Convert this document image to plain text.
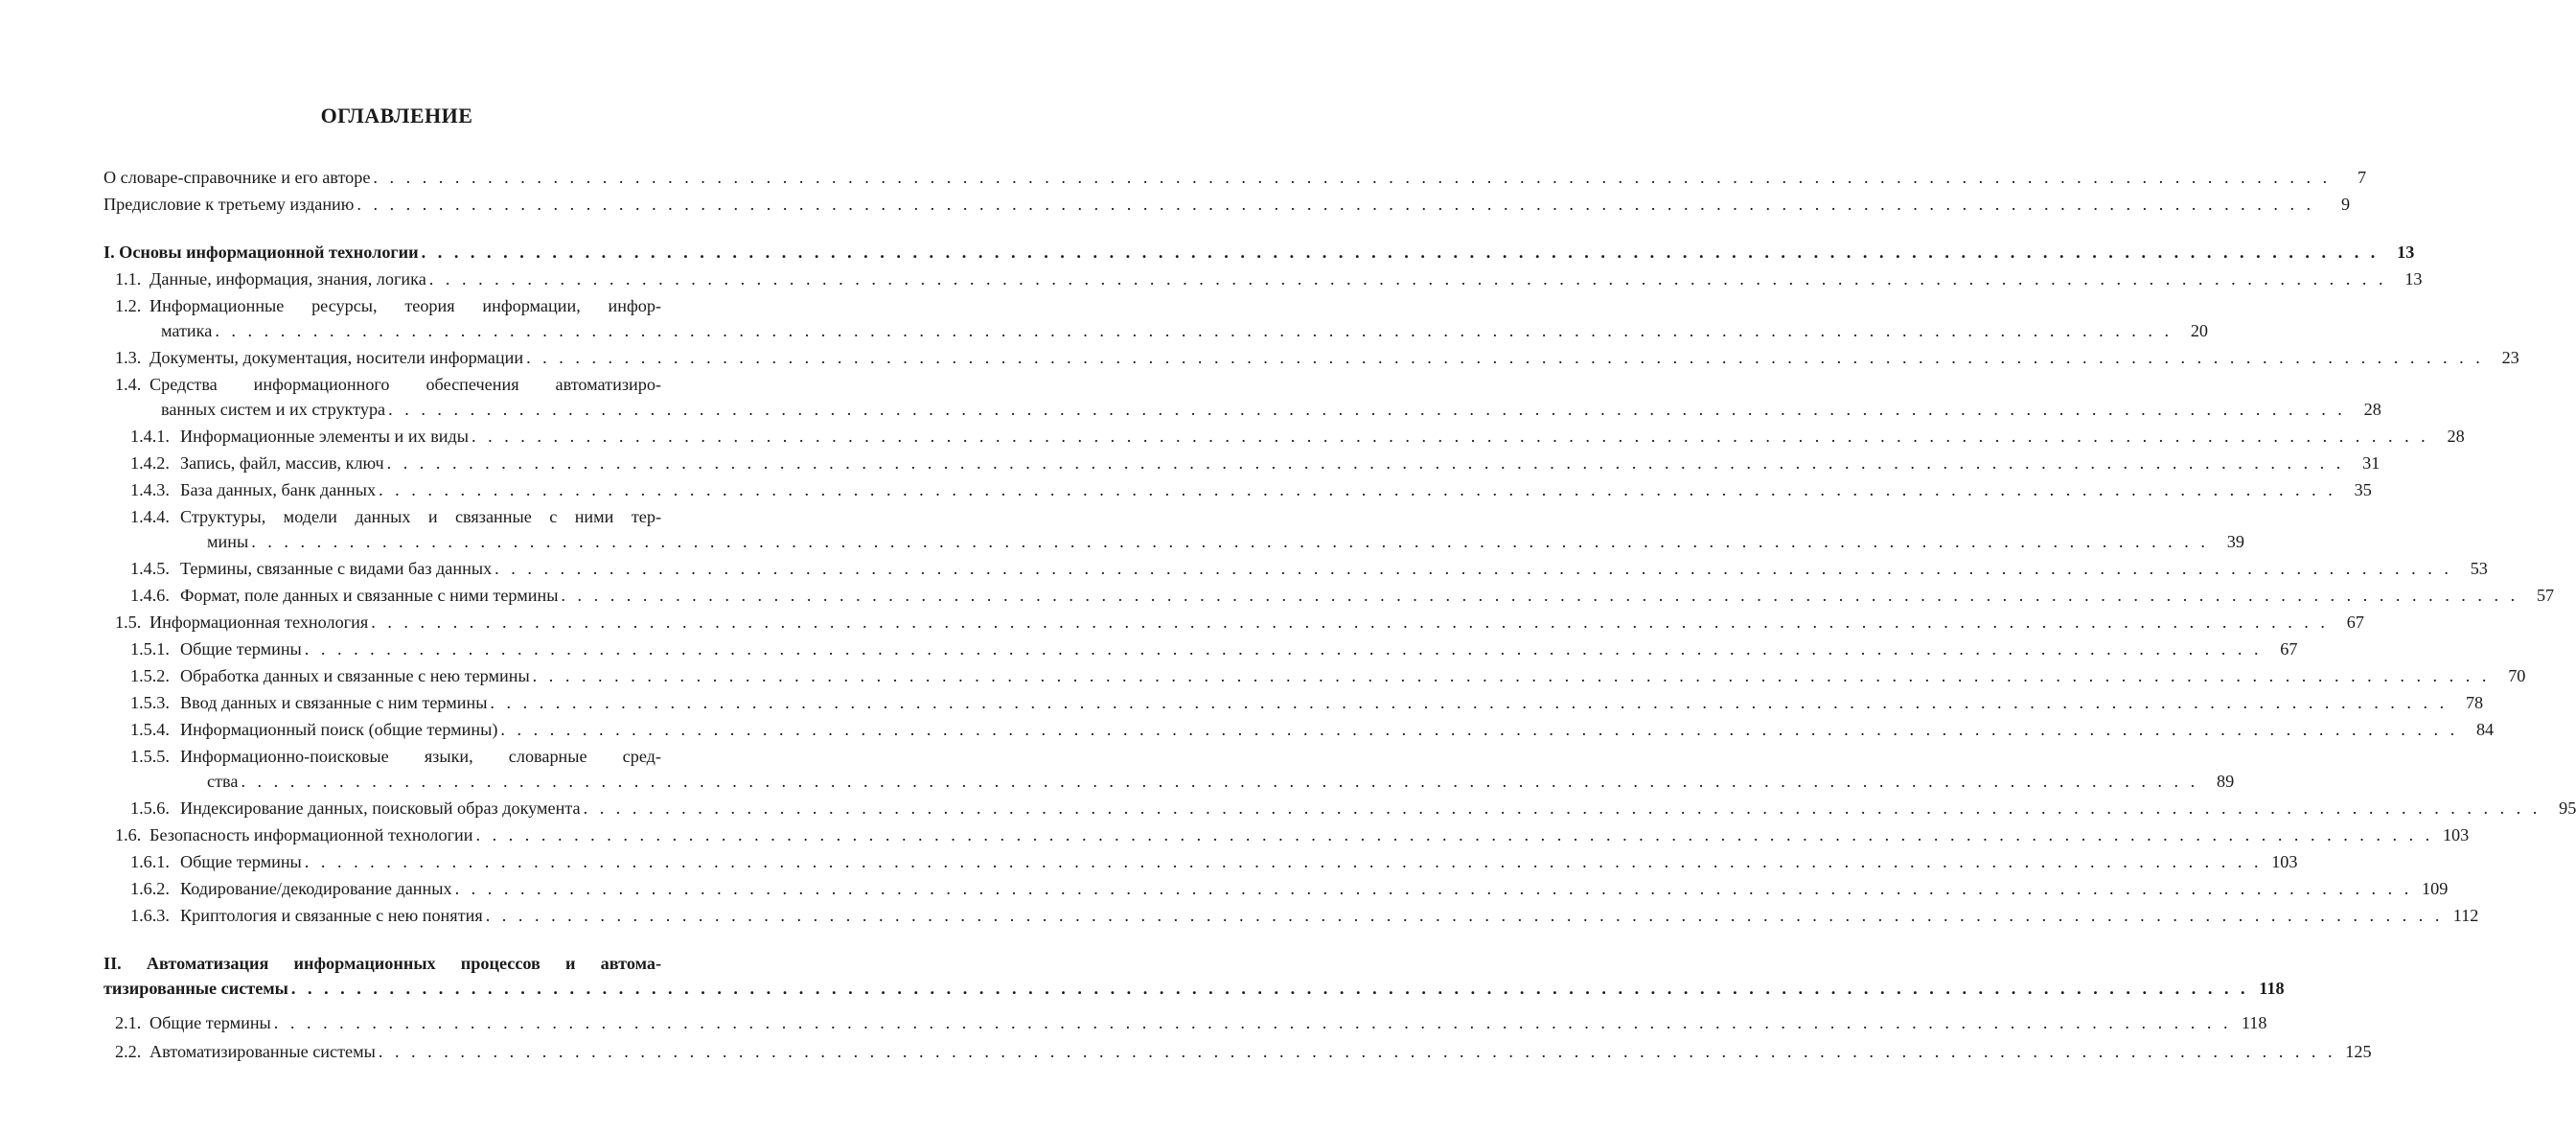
ОГЛАВЛЕНИЕ
О словаре-справочнике и его авторе . . . . . . . . . . . . . . . . . . . . . . . . . . . . . . . . . . . . . . . . . . . . . . . . . . . . . . . . . . . . . . . . . . . . . . . . . . . . . . . . . . . . . . . . . . . . . . . . . . . . . . . . . . . . . . . . . . . . . . . .	7
Предисловие к третьему изданию . . . . . . . . . . . . . . . . . . . . . . . . . . . . . . . . . . . . . . . . . . . . . . . . . . . . . . . . . . . . . . . . . . . . . . . . . . . . . . . . . . . . . . . . . . . . . . . . . . . . . . . . . . . . . . . . . . . . . . . .	9
I. Основы информационной технологии . . . . . . . . . . . . . . . . . . . . . . . . . . . . . . . . . . . . . . . . . . . . . . . . . . . . . . . . . . . . . . . . . . . . . . . . . . . . . . . . . . . . . . . . . . . . . . . . . . . . . . . . . . . . . . . . . . . . . . . .	13
1.1. Данные, информация, знания, логика . . . . . . . . . . . . . . . . . . . . . . . . . . . . . . . . . . . . . . . . . . . . . . . . . . . . . . . . . . . . . . . . . . . . . . . . . . . . . . . . . . . . . . . . . . . . . . . . . . . . . . . . . . . . . . . . . . . . . . . .	13
1.2. Информационные ресурсы, теория информации, инфор-
матика . . . . . . . . . . . . . . . . . . . . . . . . . . . . . . . . . . . . . . . . . . . . . . . . . . . . . . . . . . . . . . . . . . . . . . . . . . . . . . . . . . . . . . . . . . . . . . . . . . . . . . . . . . . . . . . . . . . . . . . .	20
1.3. Документы, документация, носители информации . . . . . . . . . . . . . . . . . . . . . . . . . . . . . . . . . . . . . . . . . . . . . . . . . . . . . . . . . . . . . . . . . . . . . . . . . . . . . . . . . . . . . . . . . . . . . . . . . . . . . . . . . . . . . . . . . . . . . . . .	23
1.4. Средства информационного обеспечения автоматизиро-
ванных систем и их структура . . . . . . . . . . . . . . . . . . . . . . . . . . . . . . . . . . . . . . . . . . . . . . . . . . . . . . . . . . . . . . . . . . . . . . . . . . . . . . . . . . . . . . . . . . . . . . . . . . . . . . . . . . . . . . . . . . . . . . . .	28
1.4.1. Информационные элементы и их виды . . . . . . . . . . . . . . . . . . . . . . . . . . . . . . . . . . . . . . . . . . . . . . . . . . . . . . . . . . . . . . . . . . . . . . . . . . . . . . . . . . . . . . . . . . . . . . . . . . . . . . . . . . . . . . . . . . . . . . . .	28
1.4.2. Запись, файл, массив, ключ . . . . . . . . . . . . . . . . . . . . . . . . . . . . . . . . . . . . . . . . . . . . . . . . . . . . . . . . . . . . . . . . . . . . . . . . . . . . . . . . . . . . . . . . . . . . . . . . . . . . . . . . . . . . . . . . . . . . . . . .	31
1.4.3. База данных, банк данных . . . . . . . . . . . . . . . . . . . . . . . . . . . . . . . . . . . . . . . . . . . . . . . . . . . . . . . . . . . . . . . . . . . . . . . . . . . . . . . . . . . . . . . . . . . . . . . . . . . . . . . . . . . . . . . . . . . . . . . .	35
1.4.4. Структуры, модели данных и связанные с ними тер-
мины . . . . . . . . . . . . . . . . . . . . . . . . . . . . . . . . . . . . . . . . . . . . . . . . . . . . . . . . . . . . . . . . . . . . . . . . . . . . . . . . . . . . . . . . . . . . . . . . . . . . . . . . . . . . . . . . . . . . . . . .	39
1.4.5. Термины, связанные с видами баз данных . . . . . . . . . . . . . . . . . . . . . . . . . . . . . . . . . . . . . . . . . . . . . . . . . . . . . . . . . . . . . . . . . . . . . . . . . . . . . . . . . . . . . . . . . . . . . . . . . . . . . . . . . . . . . . . . . . . . . . . .	53
1.4.6. Формат, поле данных и связанные с ними термины . . . . . . . . . . . . . . . . . . . . . . . . . . . . . . . . . . . . . . . . . . . . . . . . . . . . . . . . . . . . . . . . . . . . . . . . . . . . . . . . . . . . . . . . . . . . . . . . . . . . . . . . . . . . . . . . . . . . . . . .	57
1.5. Информационная технология . . . . . . . . . . . . . . . . . . . . . . . . . . . . . . . . . . . . . . . . . . . . . . . . . . . . . . . . . . . . . . . . . . . . . . . . . . . . . . . . . . . . . . . . . . . . . . . . . . . . . . . . . . . . . . . . . . . . . . . .	67
1.5.1. Общие термины . . . . . . . . . . . . . . . . . . . . . . . . . . . . . . . . . . . . . . . . . . . . . . . . . . . . . . . . . . . . . . . . . . . . . . . . . . . . . . . . . . . . . . . . . . . . . . . . . . . . . . . . . . . . . . . . . . . . . . . .	67
1.5.2. Обработка данных и связанные с нею термины . . . . . . . . . . . . . . . . . . . . . . . . . . . . . . . . . . . . . . . . . . . . . . . . . . . . . . . . . . . . . . . . . . . . . . . . . . . . . . . . . . . . . . . . . . . . . . . . . . . . . . . . . . . . . . . . . . . . . . . .	70
1.5.3. Ввод данных и связанные с ним термины . . . . . . . . . . . . . . . . . . . . . . . . . . . . . . . . . . . . . . . . . . . . . . . . . . . . . . . . . . . . . . . . . . . . . . . . . . . . . . . . . . . . . . . . . . . . . . . . . . . . . . . . . . . . . . . . . . . . . . . .	78
1.5.4. Информационный поиск (общие термины) . . . . . . . . . . . . . . . . . . . . . . . . . . . . . . . . . . . . . . . . . . . . . . . . . . . . . . . . . . . . . . . . . . . . . . . . . . . . . . . . . . . . . . . . . . . . . . . . . . . . . . . . . . . . . . . . . . . . . . . .	84
1.5.5. Информационно-поисковые языки, словарные сред-
ства . . . . . . . . . . . . . . . . . . . . . . . . . . . . . . . . . . . . . . . . . . . . . . . . . . . . . . . . . . . . . . . . . . . . . . . . . . . . . . . . . . . . . . . . . . . . . . . . . . . . . . . . . . . . . . . . . . . . . . . .	89
1.5.6. Индексирование данных, поисковый образ документа . . . . . . . . . . . . . . . . . . . . . . . . . . . . . . . . . . . . . . . . . . . . . . . . . . . . . . . . . . . . . . . . . . . . . . . . . . . . . . . . . . . . . . . . . . . . . . . . . . . . . . . . . . . . . . . . . . . . . . . .	95
1.6. Безопасность информационной технологии . . . . . . . . . . . . . . . . . . . . . . . . . . . . . . . . . . . . . . . . . . . . . . . . . . . . . . . . . . . . . . . . . . . . . . . . . . . . . . . . . . . . . . . . . . . . . . . . . . . . . . . . . . . . . . . . . . . . . . . . 103
1.6.1. Общие термины . . . . . . . . . . . . . . . . . . . . . . . . . . . . . . . . . . . . . . . . . . . . . . . . . . . . . . . . . . . . . . . . . . . . . . . . . . . . . . . . . . . . . . . . . . . . . . . . . . . . . . . . . . . . . . . . . . . . . . . . 103
1.6.2. Кодирование/декодирование данных . . . . . . . . . . . . . . . . . . . . . . . . . . . . . . . . . . . . . . . . . . . . . . . . . . . . . . . . . . . . . . . . . . . . . . . . . . . . . . . . . . . . . . . . . . . . . . . . . . . . . . . . . . . . . . . . . . . . . . . . 109
1.6.3. Криптология и связанные с нею понятия . . . . . . . . . . . . . . . . . . . . . . . . . . . . . . . . . . . . . . . . . . . . . . . . . . . . . . . . . . . . . . . . . . . . . . . . . . . . . . . . . . . . . . . . . . . . . . . . . . . . . . . . . . . . . . . . . . . . . . . . 112
II. Автоматизация информационных процессов и автома-
тизированные системы . . . . . . . . . . . . . . . . . . . . . . . . . . . . . . . . . . . . . . . . . . . . . . . . . . . . . . . . . . . . . . . . . . . . . . . . . . . . . . . . . . . . . . . . . . . . . . . . . . . . . . . . . . . . . . . . . . . . . . . . 118
2.1. Общие термины . . . . . . . . . . . . . . . . . . . . . . . . . . . . . . . . . . . . . . . . . . . . . . . . . . . . . . . . . . . . . . . . . . . . . . . . . . . . . . . . . . . . . . . . . . . . . . . . . . . . . . . . . . . . . . . . . . . . . . . . 118
2.2. Автоматизированные системы . . . . . . . . . . . . . . . . . . . . . . . . . . . . . . . . . . . . . . . . . . . . . . . . . . . . . . . . . . . . . . . . . . . . . . . . . . . . . . . . . . . . . . . . . . . . . . . . . . . . . . . . . . . . . . . . . . . . . . . . 125
